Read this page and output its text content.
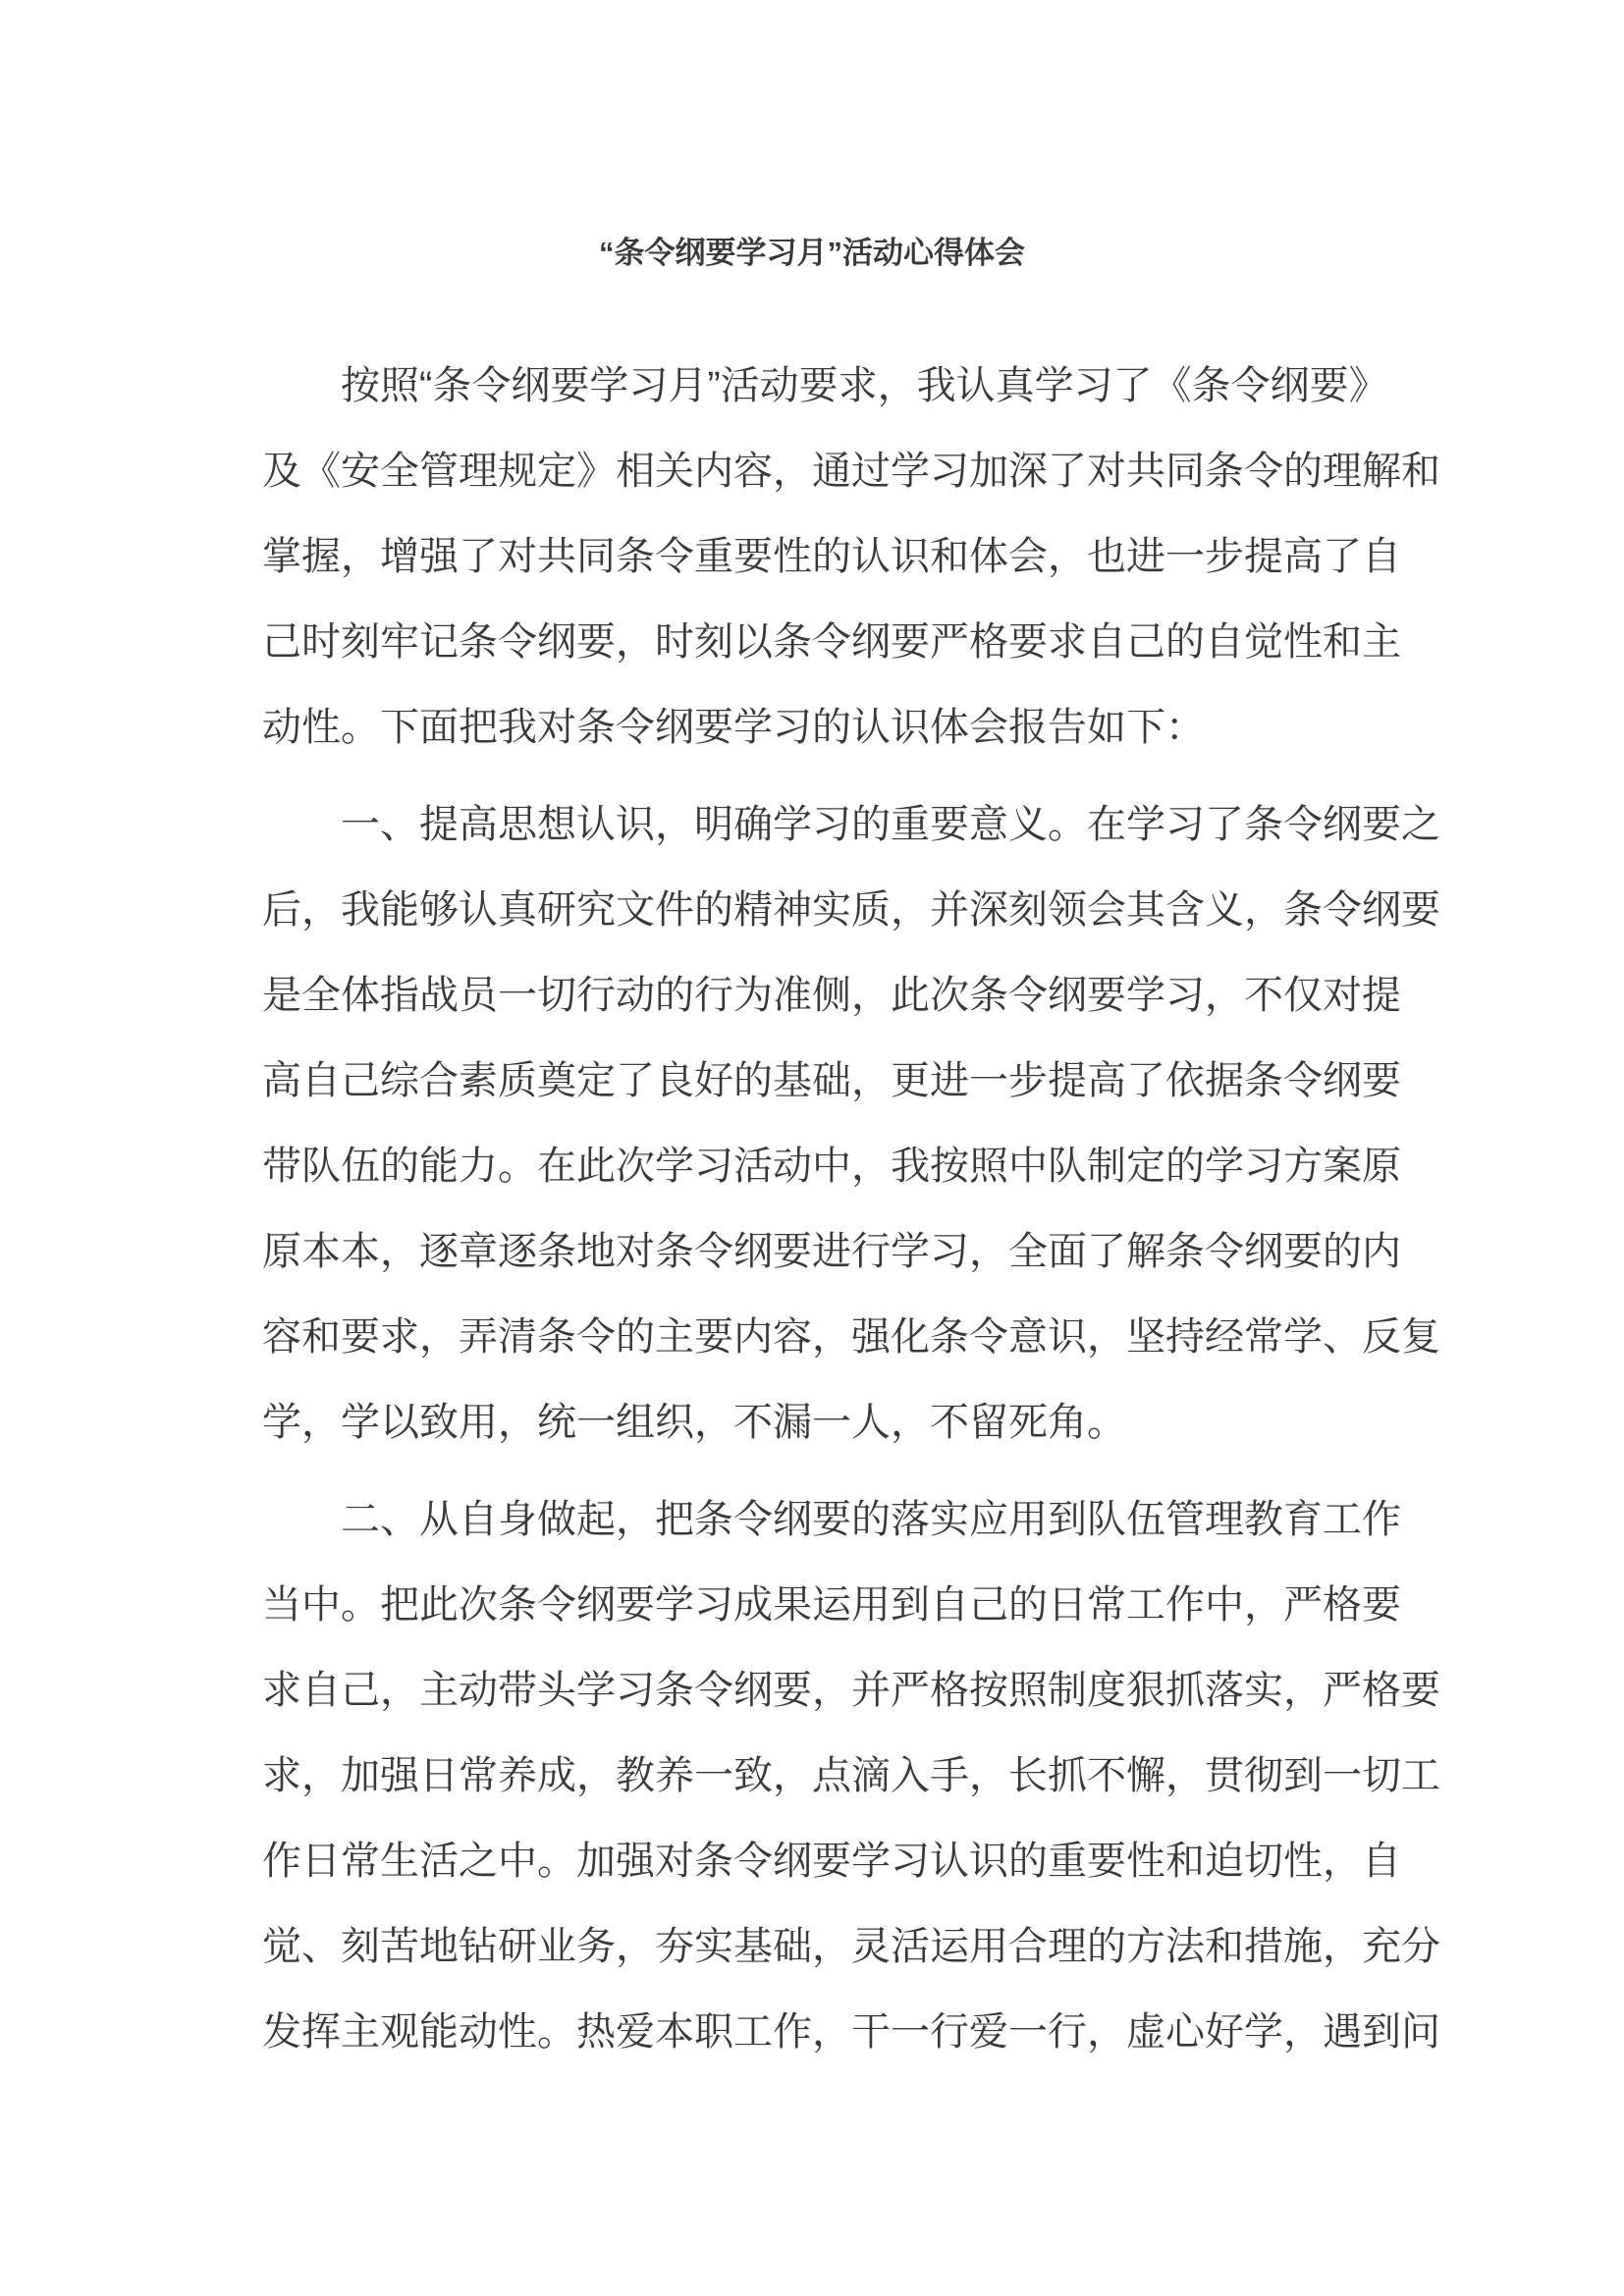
“条令纲要学习月”活动心得体会
按照“条令纲要学习月”活动要求，我认真学习了《条令纲要》
及《安全管理规定》相关内容，通过学习加深了对共同条令的理解和
掌握，增强了对共同条令重要性的认识和体会，也进一步提高了自
己时刻牢记条令纲要，时刻以条令纲要严格要求自己的自觉性和主
动性。下面把我对条令纲要学习的认识体会报告如下：
一、提高思想认识，明确学习的重要意义。在学习了条令纲要之
后，我能够认真研究文件的精神实质，并深刻领会其含义，条令纲要
是全体指战员一切行动的行为准侧，此次条令纲要学习，不仅对提
高自己综合素质奠定了良好的基础，更进一步提高了依据条令纲要
带队伍的能力。在此次学习活动中，我按照中队制定的学习方案原
原本本，逐章逐条地对条令纲要进行学习，全面了解条令纲要的内
容和要求，弄清条令的主要内容，强化条令意识，坚持经常学、反复
学，学以致用，统一组织，不漏一人，不留死角。
二、从自身做起，把条令纲要的落实应用到队伍管理教育工作
当中。把此次条令纲要学习成果运用到自己的日常工作中，严格要
求自己，主动带头学习条令纲要，并严格按照制度狠抓落实，严格要
求，加强日常养成，教养一致，点滴入手，长抓不懈，贯彻到一切工
作日常生活之中。加强对条令纲要学习认识的重要性和迫切性，自
觉、刻苦地钻研业务，夯实基础，灵活运用合理的方法和措施，充分
发挥主观能动性。热爱本职工作，干一行爱一行，虚心好学，遇到问
